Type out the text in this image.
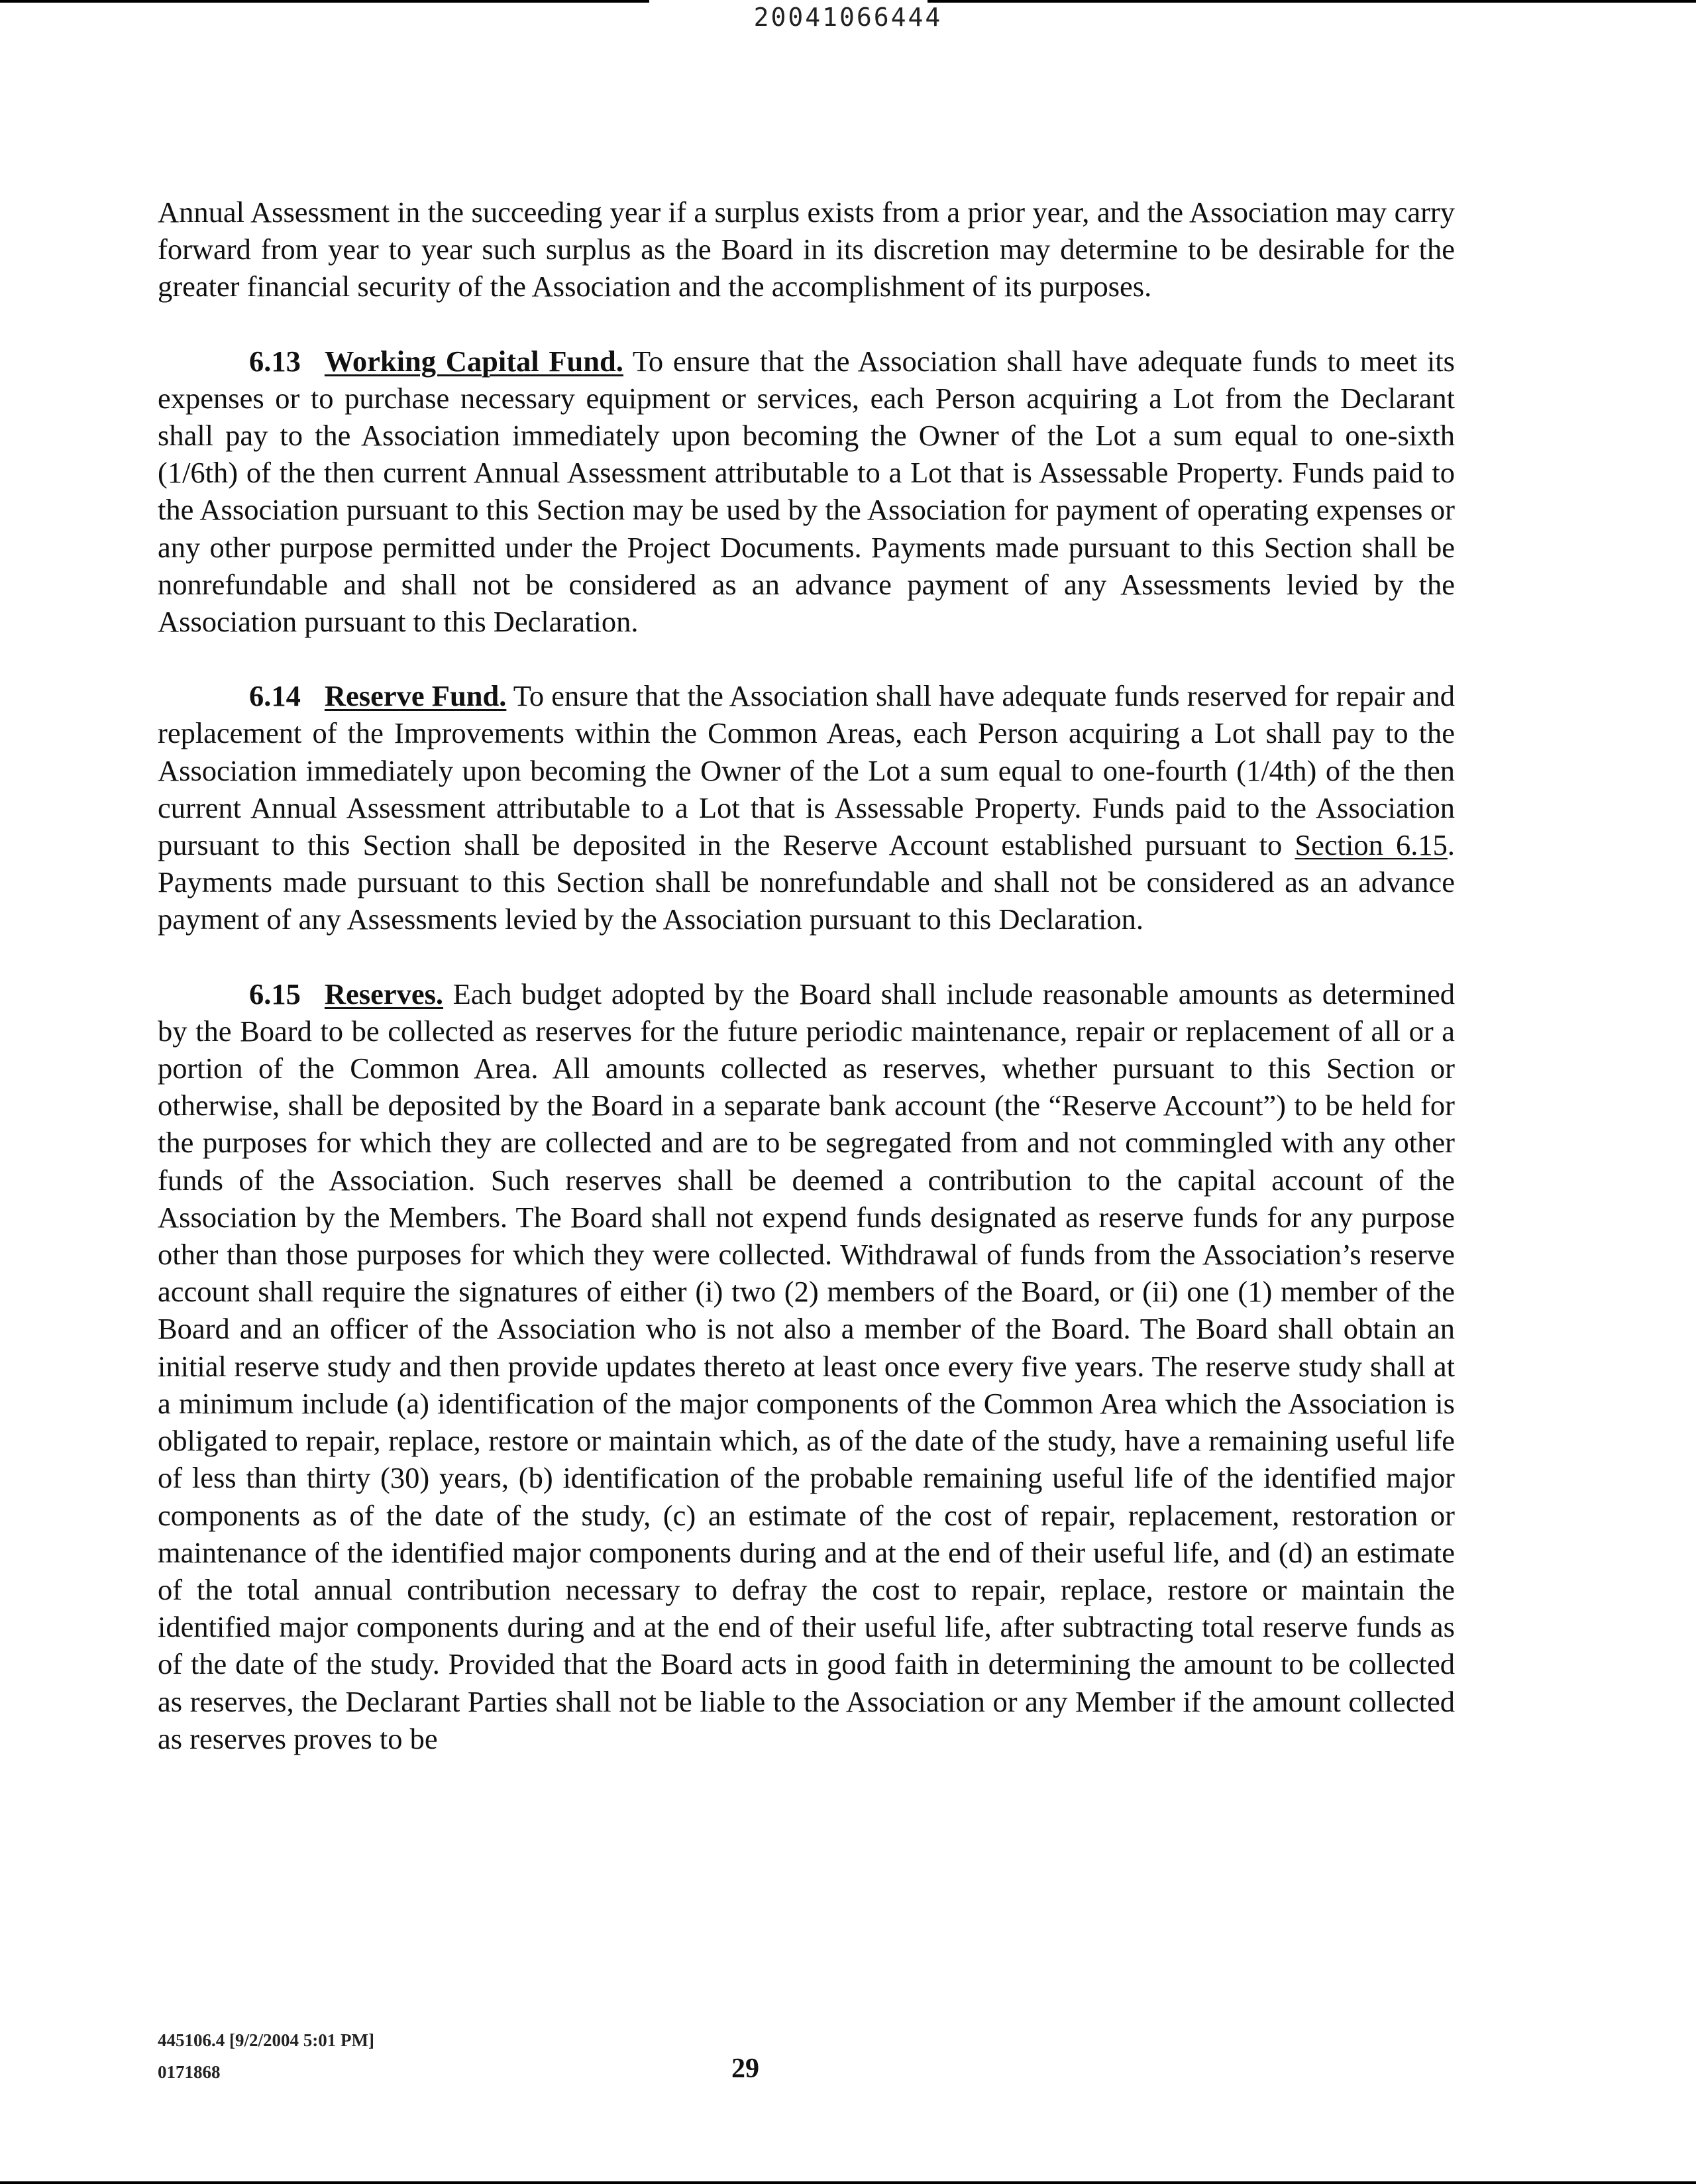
20041066444

Annual Assessment in the succeeding year if a surplus exists from a prior year, and the Association may carry forward from year to year such surplus as the Board in its discretion may determine to be desirable for the greater financial security of the Association and the accomplishment of its purposes.

6.13 Working Capital Fund. To ensure that the Association shall have adequate funds to meet its expenses or to purchase necessary equipment or services, each Person acquiring a Lot from the Declarant shall pay to the Association immediately upon becoming the Owner of the Lot a sum equal to one-sixth (1/6th) of the then current Annual Assessment attributable to a Lot that is Assessable Property. Funds paid to the Association pursuant to this Section may be used by the Association for payment of operating expenses or any other purpose permitted under the Project Documents. Payments made pursuant to this Section shall be nonrefundable and shall not be considered as an advance payment of any Assessments levied by the Association pursuant to this Declaration.

6.14 Reserve Fund. To ensure that the Association shall have adequate funds reserved for repair and replacement of the Improvements within the Common Areas, each Person acquiring a Lot shall pay to the Association immediately upon becoming the Owner of the Lot a sum equal to one-fourth (1/4th) of the then current Annual Assessment attributable to a Lot that is Assessable Property. Funds paid to the Association pursuant to this Section shall be deposited in the Reserve Account established pursuant to Section 6.15. Payments made pursuant to this Section shall be nonrefundable and shall not be considered as an advance payment of any Assessments levied by the Association pursuant to this Declaration.

6.15 Reserves. Each budget adopted by the Board shall include reasonable amounts as determined by the Board to be collected as reserves for the future periodic maintenance, repair or replacement of all or a portion of the Common Area. All amounts collected as reserves, whether pursuant to this Section or otherwise, shall be deposited by the Board in a separate bank account (the “Reserve Account”) to be held for the purposes for which they are collected and are to be segregated from and not commingled with any other funds of the Association. Such reserves shall be deemed a contribution to the capital account of the Association by the Members. The Board shall not expend funds designated as reserve funds for any purpose other than those purposes for which they were collected. Withdrawal of funds from the Association’s reserve account shall require the signatures of either (i) two (2) members of the Board, or (ii) one (1) member of the Board and an officer of the Association who is not also a member of the Board. The Board shall obtain an initial reserve study and then provide updates thereto at least once every five years. The reserve study shall at a minimum include (a) identification of the major components of the Common Area which the Association is obligated to repair, replace, restore or maintain which, as of the date of the study, have a remaining useful life of less than thirty (30) years, (b) identification of the probable remaining useful life of the identified major components as of the date of the study, (c) an estimate of the cost of repair, replacement, restoration or maintenance of the identified major components during and at the end of their useful life, and (d) an estimate of the total annual contribution necessary to defray the cost to repair, replace, restore or maintain the identified major components during and at the end of their useful life, after subtracting total reserve funds as of the date of the study. Provided that the Board acts in good faith in determining the amount to be collected as reserves, the Declarant Parties shall not be liable to the Association or any Member if the amount collected as reserves proves to be

445106.4 [9/2/2004 5:01 PM]
0171868	29
